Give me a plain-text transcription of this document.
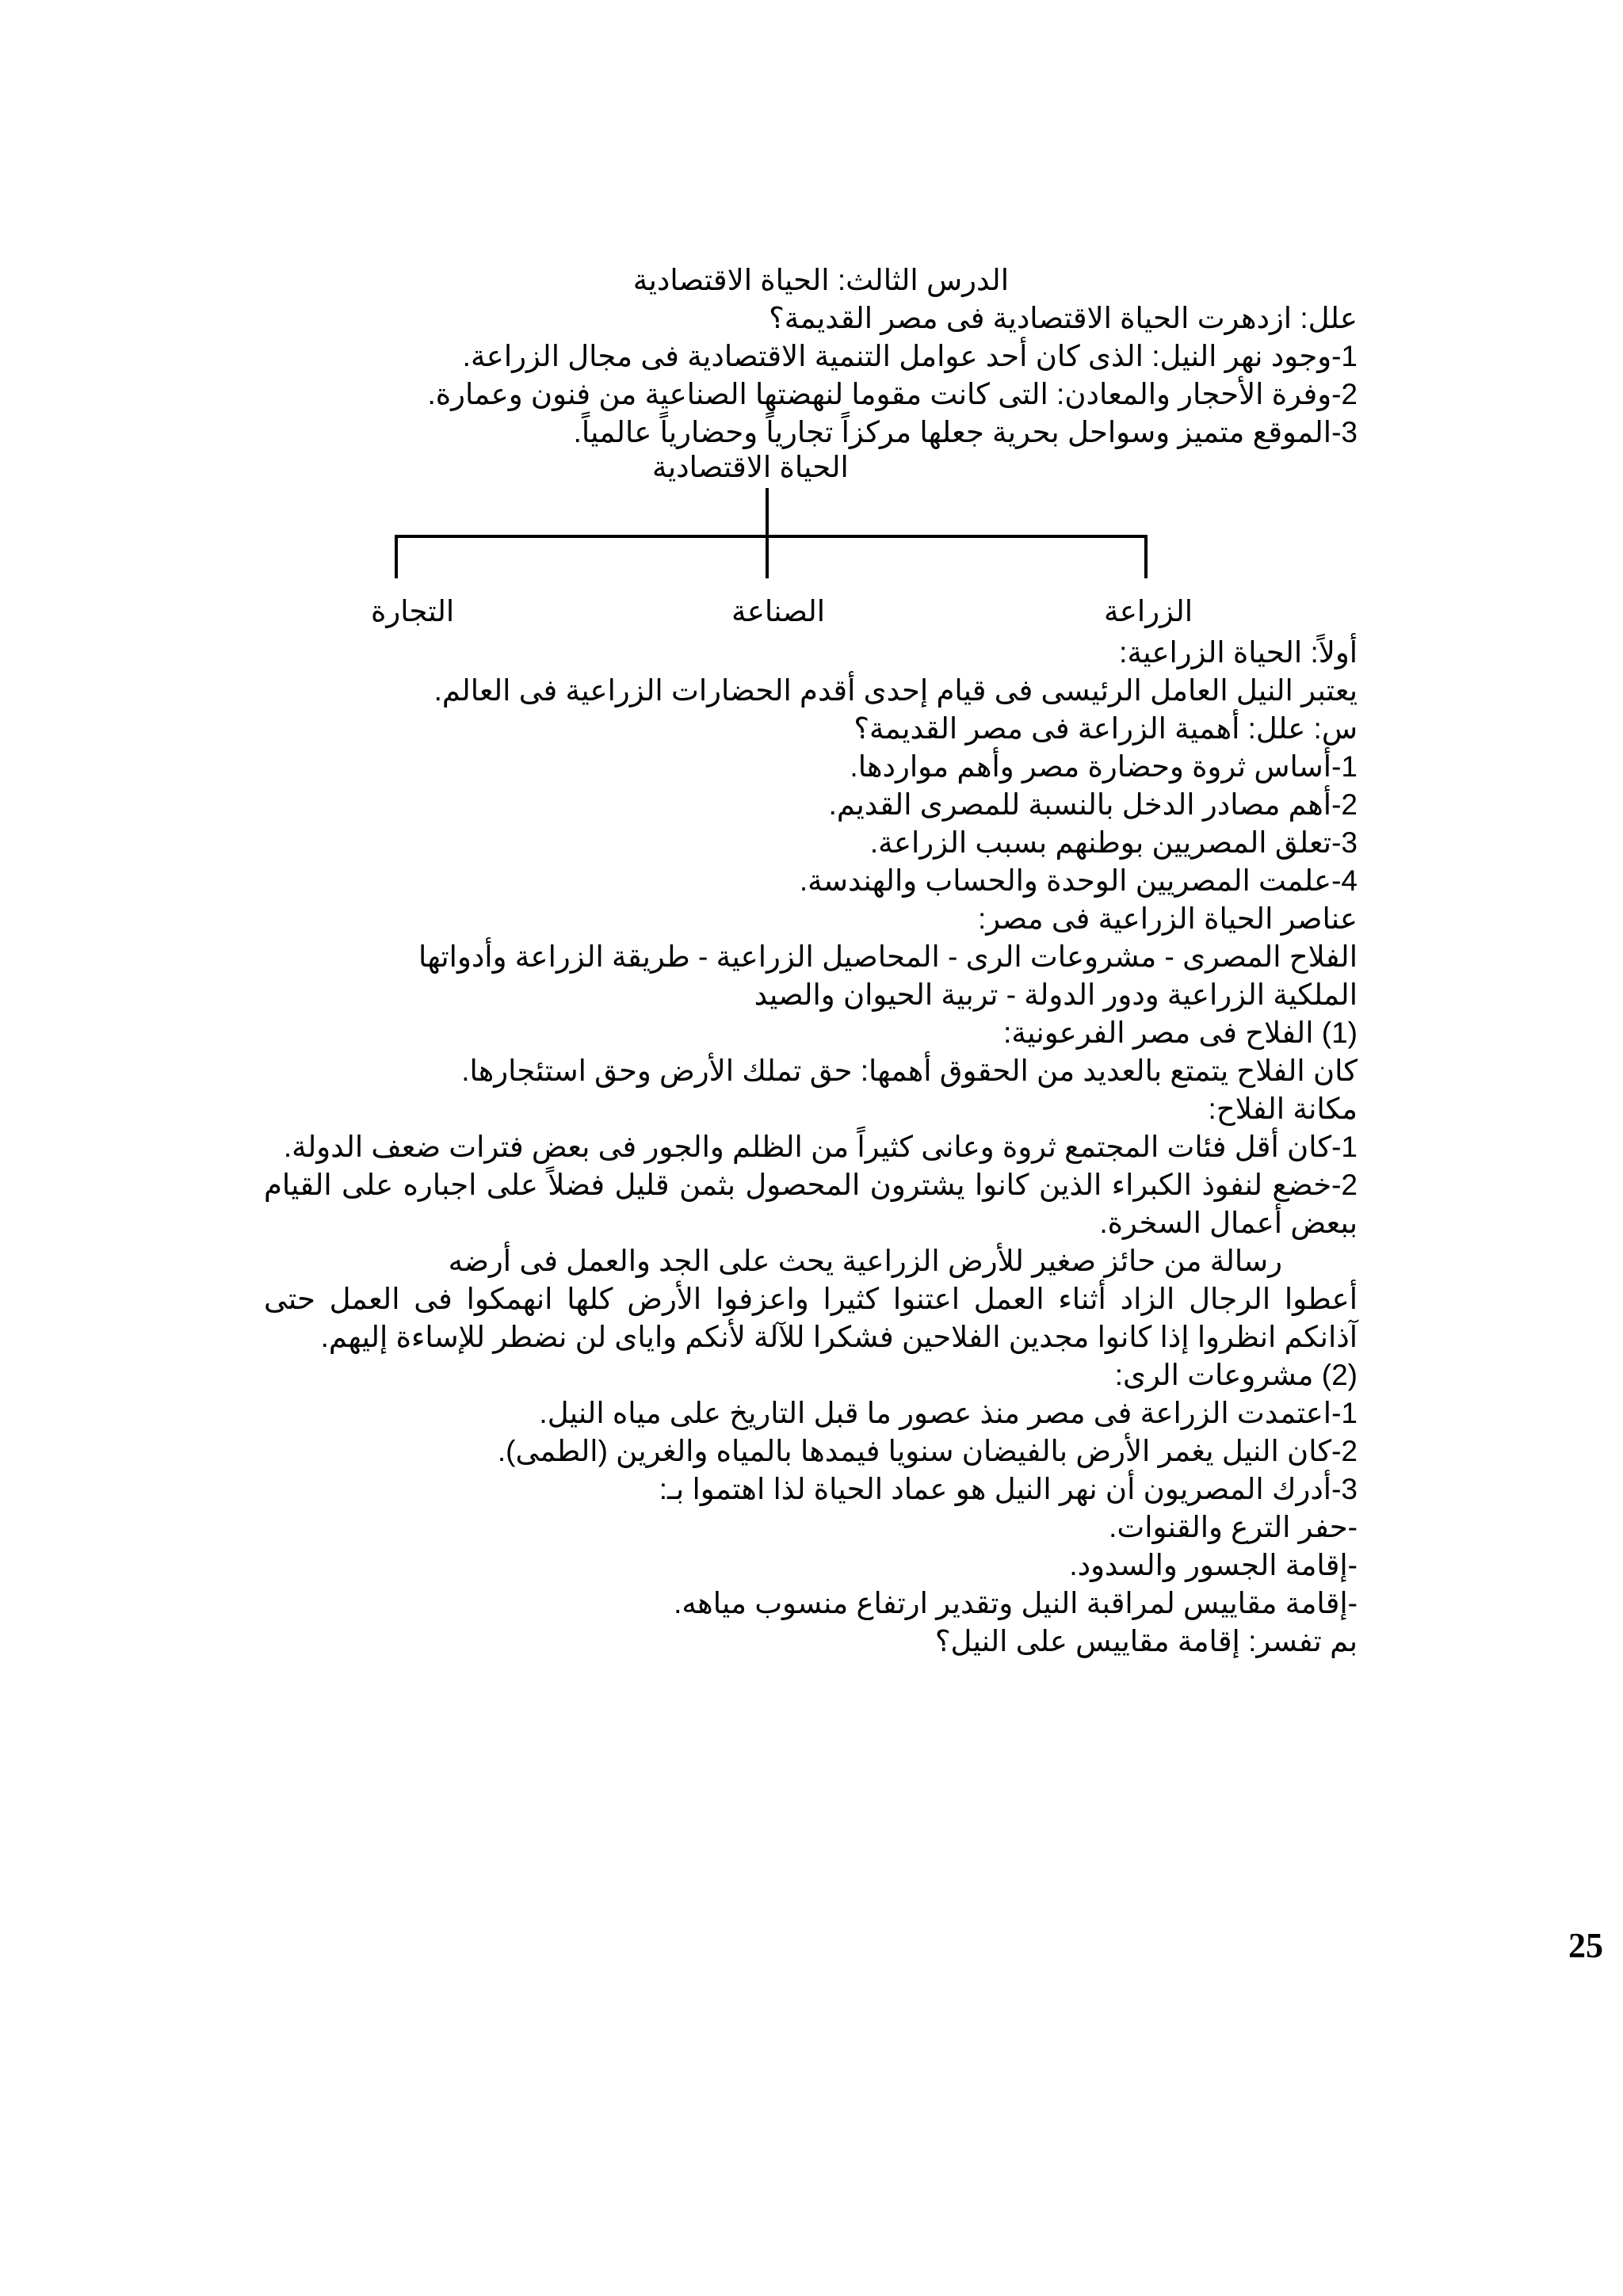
الدرس الثالث: الحياة الاقتصادية
علل: ازدهرت الحياة الاقتصادية فى مصر القديمة؟
1-وجود نهر النيل: الذى كان أحد عوامل التنمية الاقتصادية فى مجال الزراعة.
2-وفرة الأحجار والمعادن: التى كانت مقوما لنهضتها الصناعية من فنون وعمارة.
3-الموقع متميز وسواحل بحرية جعلها مركزاً تجارياً وحضارياً عالمياً.
الحياة الاقتصادية
الزراعة
الصناعة
التجارة
أولاً: الحياة الزراعية:
يعتبر النيل العامل الرئيسى فى قيام إحدى أقدم الحضارات الزراعية فى العالم.
س: علل: أهمية الزراعة فى مصر القديمة؟
1-أساس ثروة وحضارة مصر وأهم مواردها.
2-أهم مصادر الدخل بالنسبة للمصرى القديم.
3-تعلق المصريين بوطنهم بسبب الزراعة.
4-علمت المصريين الوحدة والحساب والهندسة.
عناصر الحياة الزراعية فى مصر:
الفلاح المصرى - مشروعات الرى - المحاصيل الزراعية - طريقة الزراعة وأدواتها
الملكية الزراعية ودور الدولة - تربية الحيوان والصيد
(1) الفلاح فى مصر الفرعونية:
كان الفلاح يتمتع بالعديد من الحقوق أهمها: حق تملك الأرض وحق استئجارها.
مكانة الفلاح:
1-كان أقل فئات المجتمع ثروة وعانى كثيراً من الظلم والجور فى بعض فترات ضعف الدولة.
2-خضع لنفوذ الكبراء الذين كانوا يشترون المحصول بثمن قليل فضلاً على اجباره على القيام ببعض أعمال السخرة.
رسالة من حائز صغير للأرض الزراعية يحث على الجد والعمل فى أرضه
أعطوا الرجال الزاد أثناء العمل اعتنوا كثيرا واعزفوا الأرض كلها انهمكوا فى العمل حتى آذانكم انظروا إذا كانوا مجدين الفلاحين فشكرا للآلة لأنكم واياى لن نضطر للإساءة إليهم.
(2) مشروعات الرى:
1-اعتمدت الزراعة فى مصر منذ عصور ما قبل التاريخ على مياه النيل.
2-كان النيل يغمر الأرض بالفيضان سنويا فيمدها بالمياه والغرين (الطمى).
3-أدرك المصريون أن نهر النيل هو عماد الحياة لذا اهتموا بـ:
-حفر الترع والقنوات.
-إقامة الجسور والسدود.
-إقامة مقاييس لمراقبة النيل وتقدير ارتفاع منسوب مياهه.
بم تفسر: إقامة مقاييس على النيل؟
25
